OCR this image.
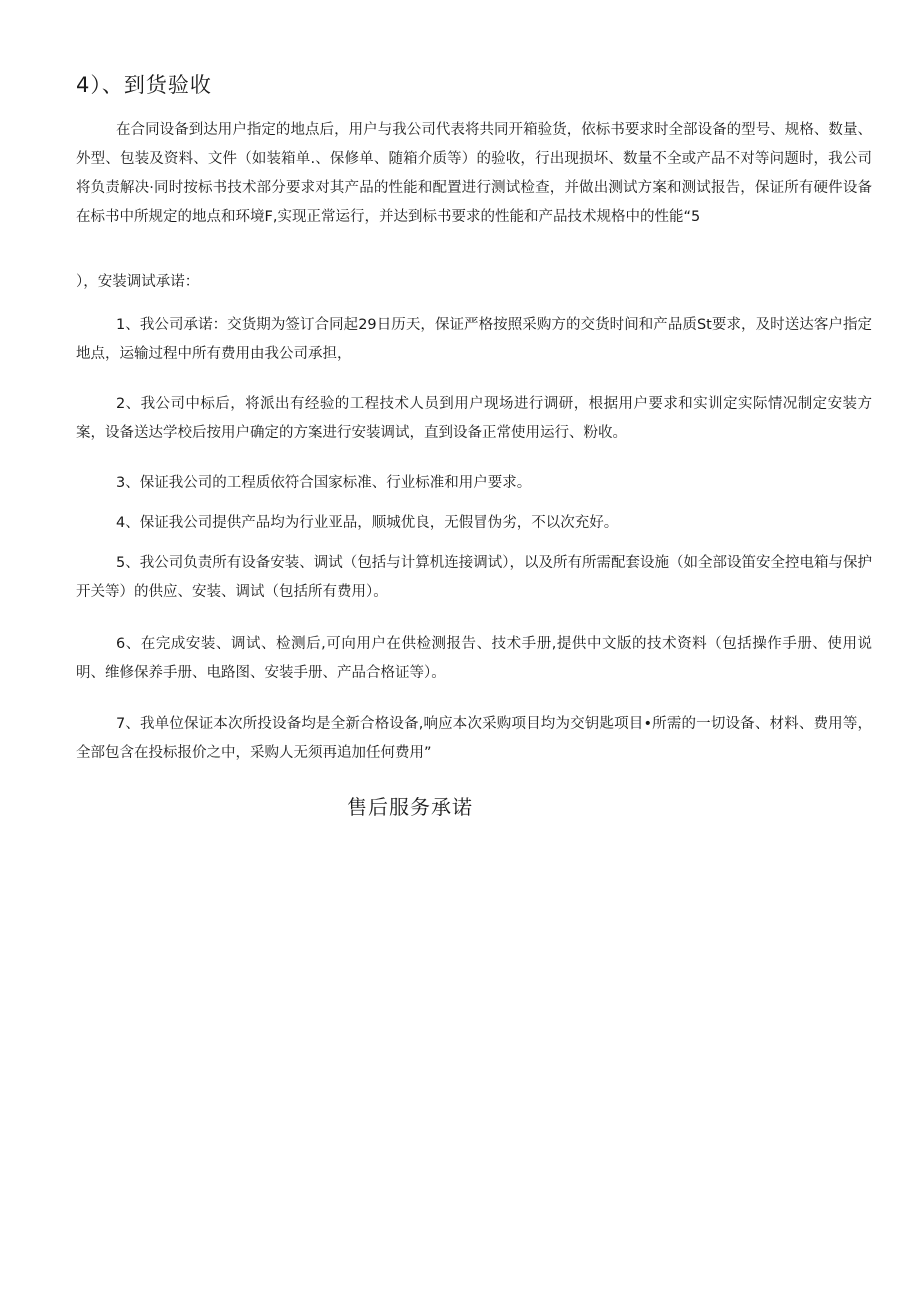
4）、到货验收

在合同设备到达用户指定的地点后，用户与我公司代表将共同开箱验货，依标书要求时全部设备的型号、规格、数量、外型、包装及资料、文件（如装箱单.、保修单、随箱介质等）的验收，行出现损坏、数量不全或产品不对等问题时，我公司将负责解决·同时按标书技术部分要求对其产品的性能和配置进行测试检查，并做出测试方案和测试报告，保证所有硬件设备在标书中所规定的地点和环境F,实现正常运行，并达到标书要求的性能和产品技术规格中的性能“5

），安装调试承诺：

1、我公司承诺：交货期为签订合同起29日历天，保证严格按照采购方的交货时间和产品质St要求，及时送达客户指定地点，运输过程中所有费用由我公司承担，

2、我公司中标后，将派出有经验的工程技术人员到用户现场进行调研，根据用户要求和实训定实际情况制定安装方案，设备送达学校后按用户确定的方案进行安装调试，直到设备正常使用运行、粉收。

3、保证我公司的工程质依符合国家标准、行业标准和用户要求。

4、保证我公司提供产品均为行业亚品，顺城优良，无假冒伪劣，不以次充好。

5、我公司负责所有设备安装、调试（包括与计算机连接调试），以及所有所需配套设施（如全部设笛安全控电箱与保护开关等）的供应、安装、调试（包括所有费用）。

6、在完成安装、调试、检测后,可向用户在供检测报告、技术手册,提供中文版的技术资料（包括操作手册、使用说明、维修保养手册、电路图、安装手册、产品合格证等）。

7、我单位保证本次所投设备均是全新合格设备,响应本次采购项目均为交钥匙项目•所需的一切设备、材料、费用等，全部包含在投标报价之中，采购人无须再追加任何费用”

售后服务承诺
